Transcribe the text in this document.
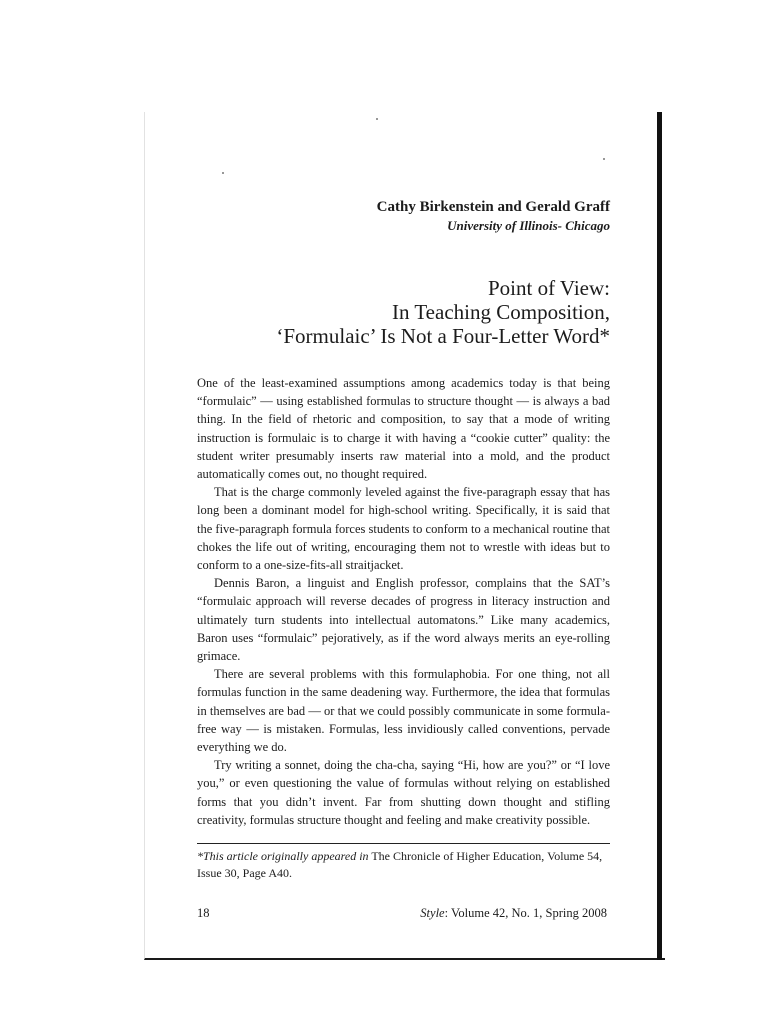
Cathy Birkenstein and Gerald Graff
University of Illinois- Chicago
Point of View:
In Teaching Composition,
‘Formulaic’ Is Not a Four-Letter Word*

One of the least-examined assumptions among academics today is that being “formulaic” — using established formulas to structure thought — is always a bad thing. In the field of rhetoric and composition, to say that a mode of writing instruction is formulaic is to charge it with having a “cookie cutter” quality: the student writer presumably inserts raw material into a mold, and the product automatically comes out, no thought required.

That is the charge commonly leveled against the five-paragraph essay that has long been a dominant model for high-school writing. Specifically, it is said that the five-paragraph formula forces students to conform to a mechanical routine that chokes the life out of writing, encouraging them not to wrestle with ideas but to conform to a one-size-fits-all straitjacket.

Dennis Baron, a linguist and English professor, complains that the SAT’s “formulaic approach will reverse decades of progress in literacy instruction and ultimately turn students into intellectual automatons.” Like many academics, Baron uses “formulaic” pejoratively, as if the word always merits an eye-rolling grimace.

There are several problems with this formulaphobia. For one thing, not all formulas function in the same deadening way. Furthermore, the idea that formulas in themselves are bad — or that we could possibly communicate in some formula-free way — is mistaken. Formulas, less invidiously called conventions, pervade everything we do.

Try writing a sonnet, doing the cha-cha, saying “Hi, how are you?” or “I love you,” or even questioning the value of formulas without relying on established forms that you didn’t invent. Far from shutting down thought and stifling creativity, formulas structure thought and feeling and make creativity possible.

*This article originally appeared in The Chronicle of Higher Education, Volume 54, Issue 30, Page A40.
18	Style: Volume 42, No. 1, Spring 2008
